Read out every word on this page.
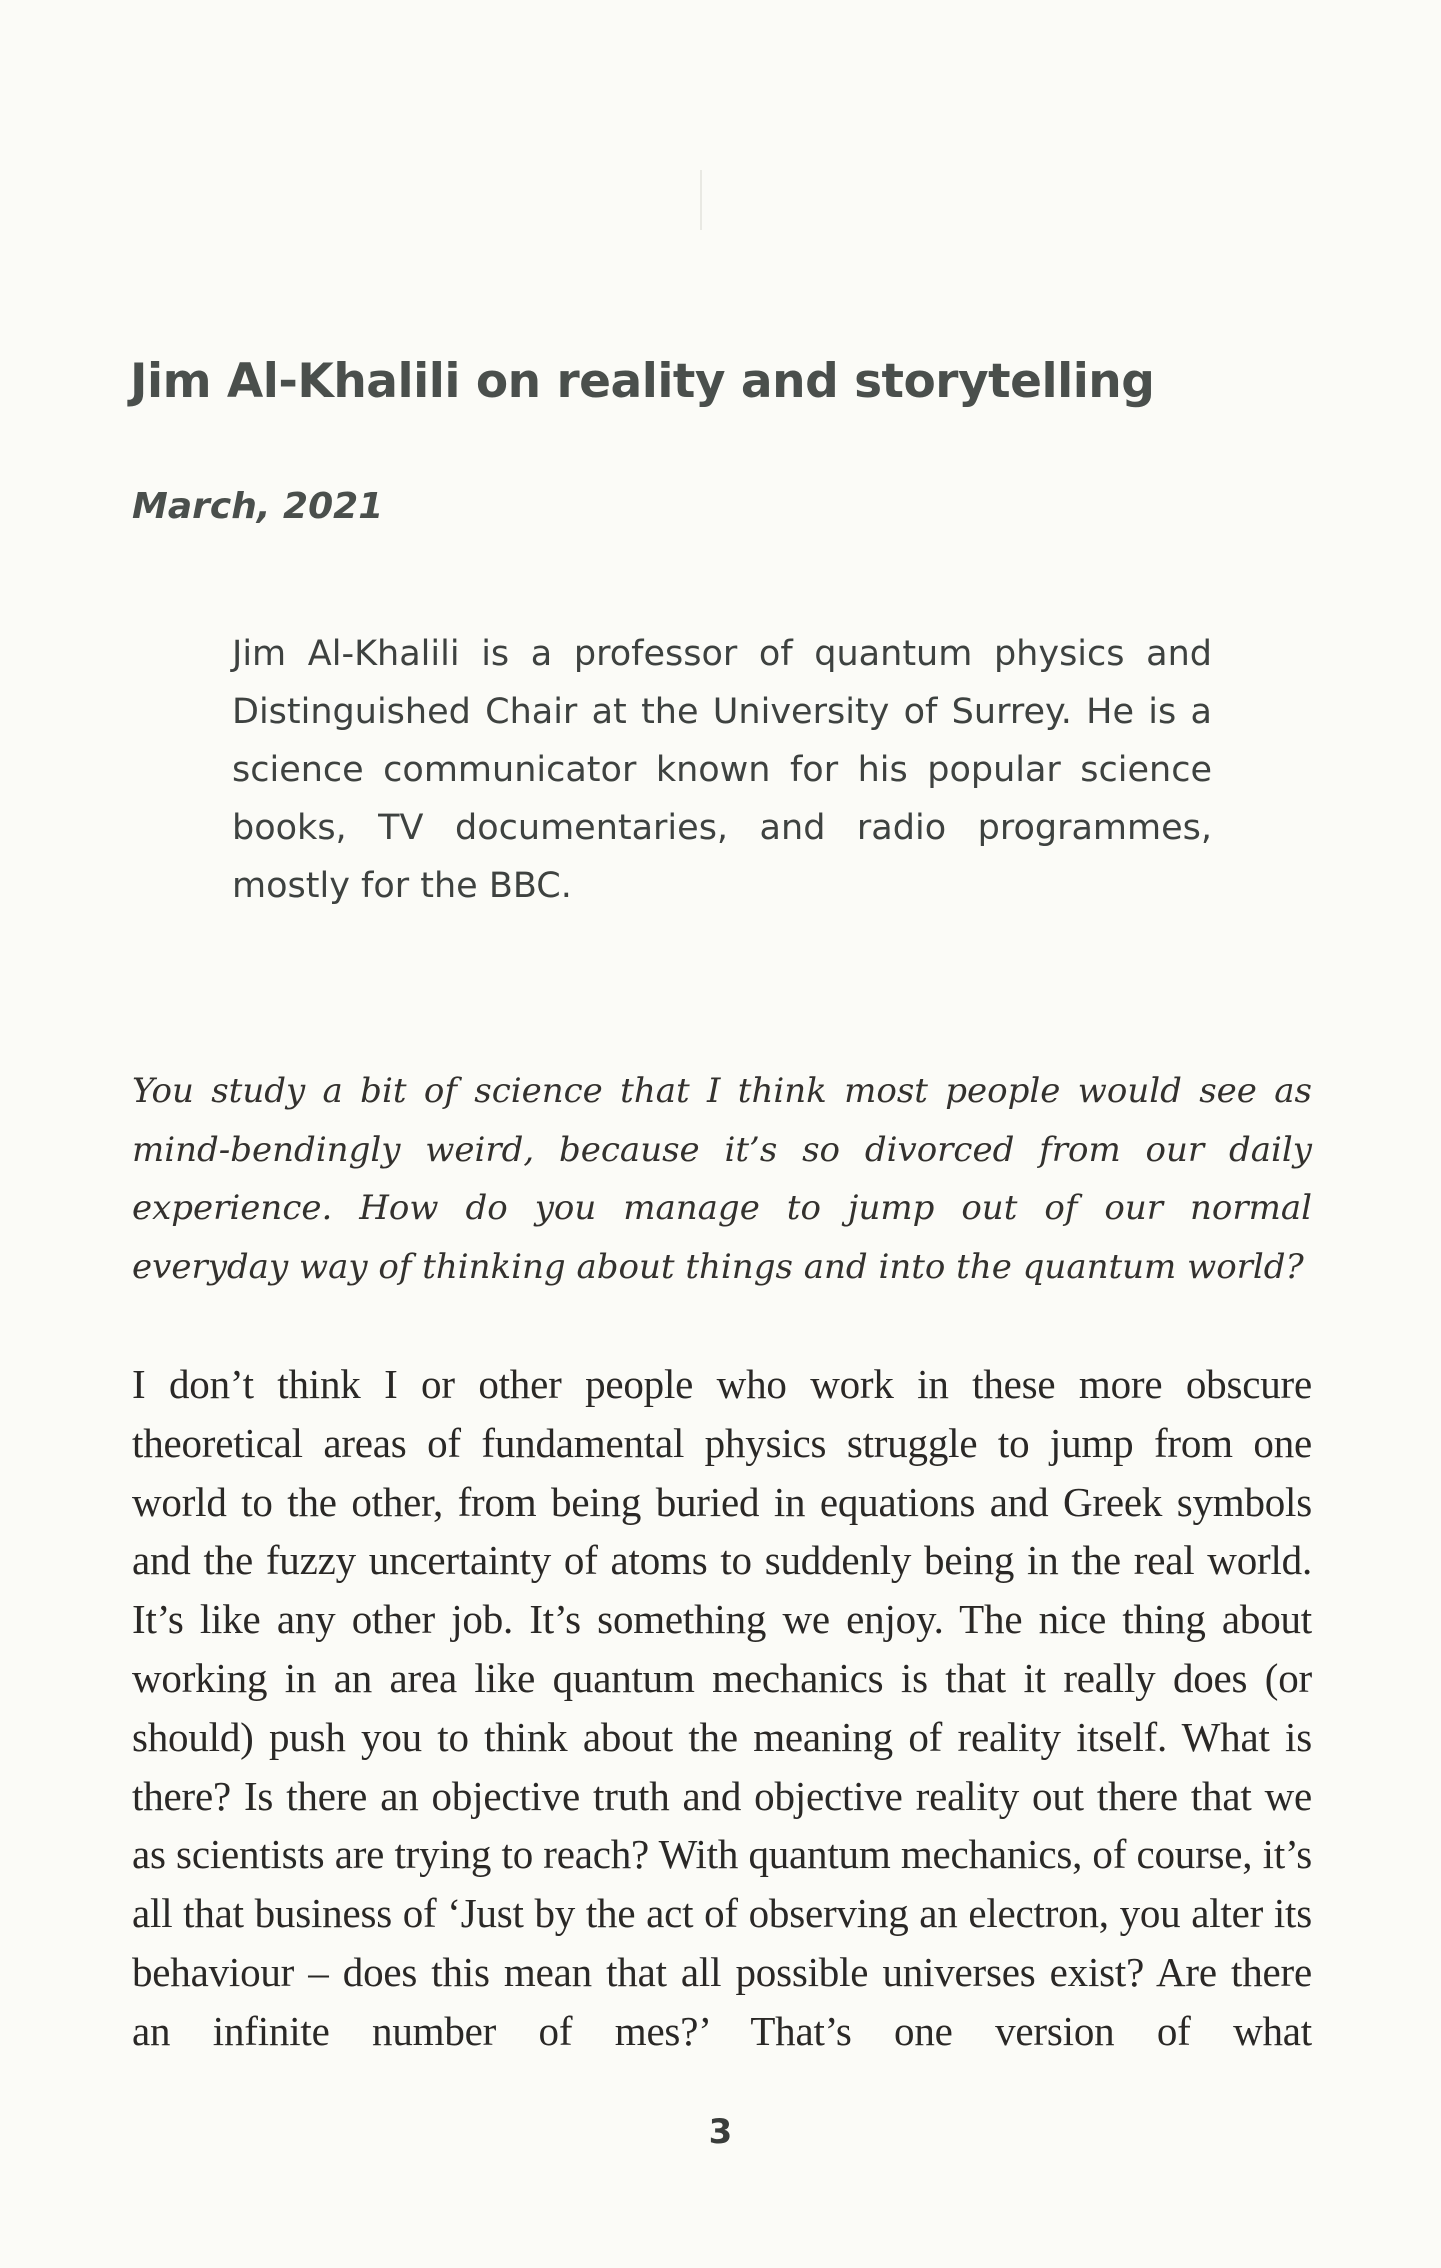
Jim Al-Khalili on reality and storytelling

March, 2021

Jim Al-Khalili is a professor of quantum physics and Distinguished Chair at the University of Surrey. He is a science communicator known for his popular science books, TV documentaries, and radio programmes, mostly for the BBC.

You study a bit of science that I think most people would see as mind-bendingly weird, because it’s so divorced from our daily experience. How do you manage to jump out of our normal everyday way of thinking about things and into the quantum world?

I don’t think I or other people who work in these more obscure theoretical areas of fundamental physics struggle to jump from one world to the other, from being buried in equations and Greek symbols and the fuzzy uncertainty of atoms to suddenly being in the real world. It’s like any other job. It’s something we enjoy. The nice thing about working in an area like quantum mechanics is that it really does (or should) push you to think about the meaning of reality itself. What is there? Is there an objective truth and objective reality out there that we as scientists are trying to reach? With quantum mechanics, of course, it’s all that business of ‘Just by the act of observing an electron, you alter its behaviour – does this mean that all possible universes exist? Are there an infinite number of mes?’ That’s one version of what

3
